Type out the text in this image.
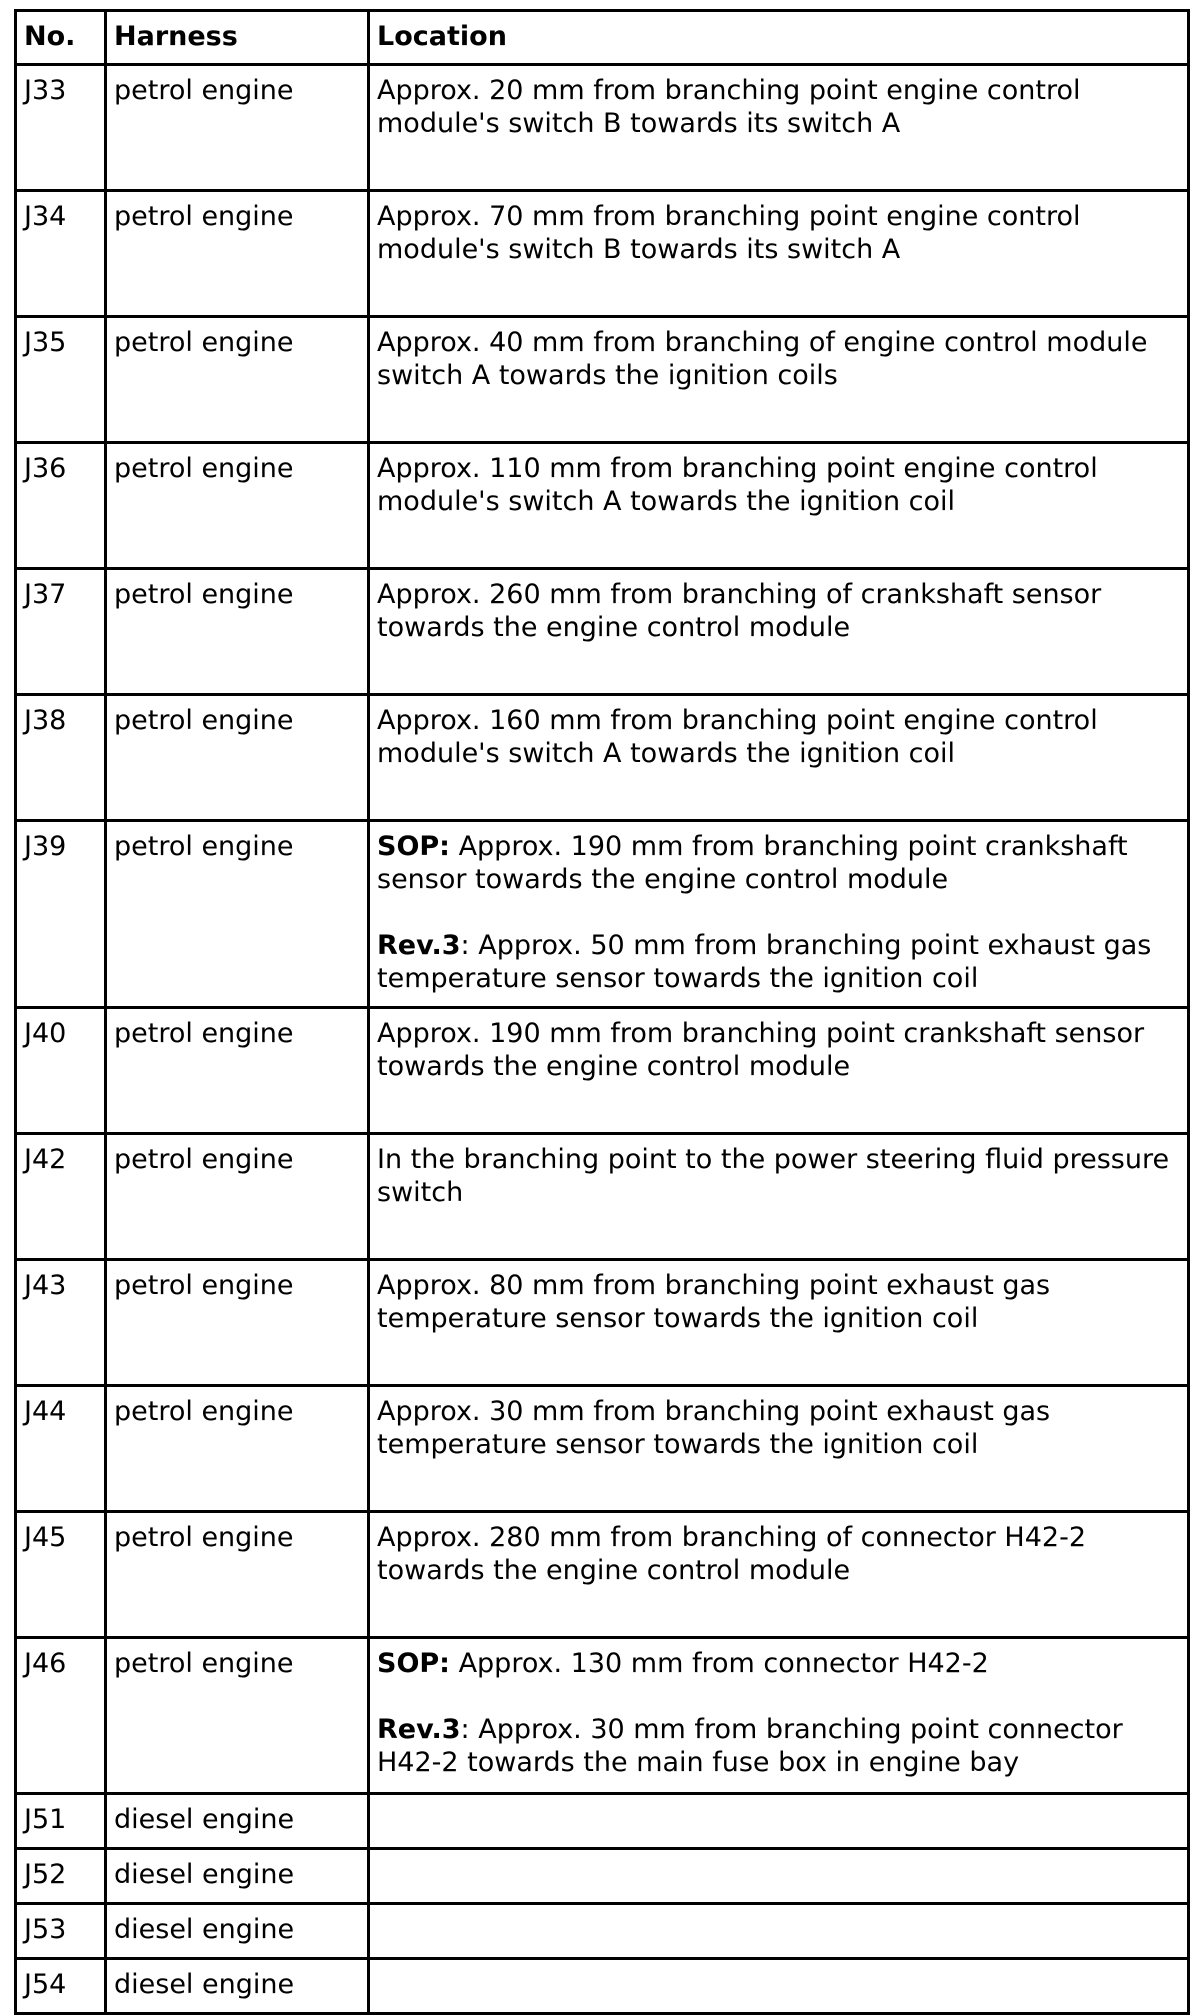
No.	Harness	Location
J33	petrol engine	Approx. 20 mm from branching point engine control module's switch B towards its switch A
J34	petrol engine	Approx. 70 mm from branching point engine control module's switch B towards its switch A
J35	petrol engine	Approx. 40 mm from branching of engine control module switch A towards the ignition coils
J36	petrol engine	Approx. 110 mm from branching point engine control module's switch A towards the ignition coil
J37	petrol engine	Approx. 260 mm from branching of crankshaft sensor towards the engine control module
J38	petrol engine	Approx. 160 mm from branching point engine control module's switch A towards the ignition coil
J39	petrol engine	SOP: Approx. 190 mm from branching point crankshaft sensor towards the engine control module
Rev.3: Approx. 50 mm from branching point exhaust gas temperature sensor towards the ignition coil

J40	petrol engine	Approx. 190 mm from branching point crankshaft sensor towards the engine control module
J42	petrol engine	In the branching point to the power steering fluid pressure switch
J43	petrol engine	Approx. 80 mm from branching point exhaust gas temperature sensor towards the ignition coil
J44	petrol engine	Approx. 30 mm from branching point exhaust gas temperature sensor towards the ignition coil
J45	petrol engine	Approx. 280 mm from branching of connector H42-2 towards the engine control module
J46	petrol engine	SOP: Approx. 130 mm from connector H42-2
Rev.3: Approx. 30 mm from branching point connector H42-2 towards the main fuse box in engine bay

J51	diesel engine	
J52	diesel engine	
J53	diesel engine	
J54	diesel engine	
